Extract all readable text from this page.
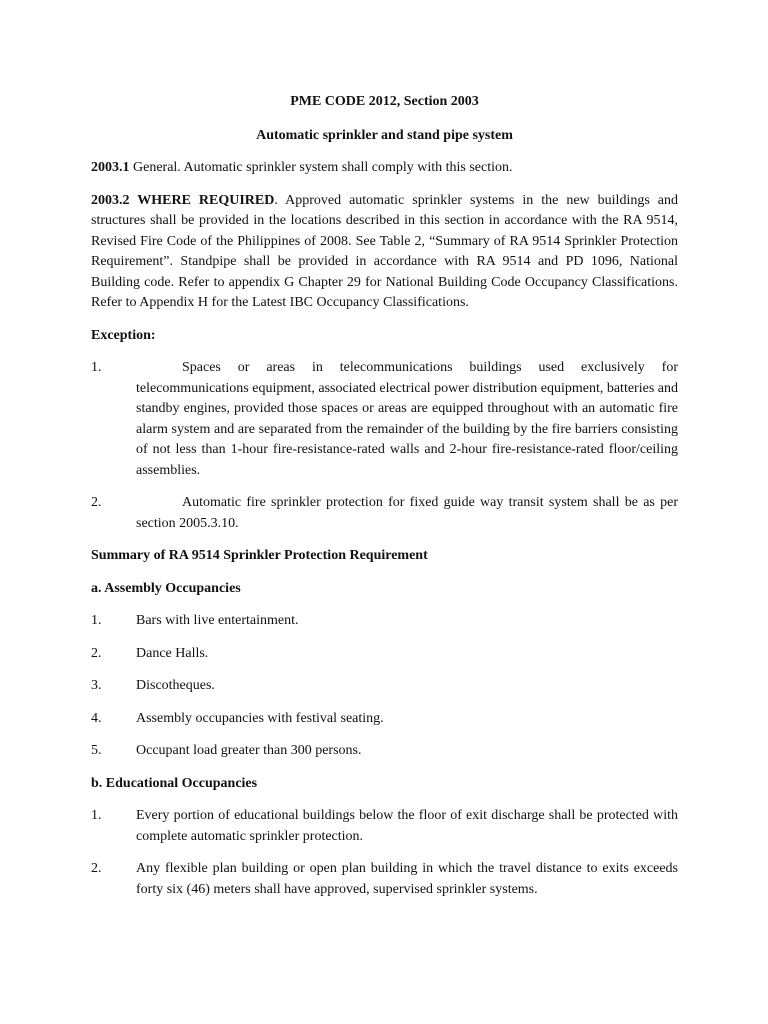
PME CODE 2012, Section 2003

Automatic sprinkler and stand pipe system

2003.1 General. Automatic sprinkler system shall comply with this section.

2003.2 WHERE REQUIRED. Approved automatic sprinkler systems in the new buildings and structures shall be provided in the locations described in this section in accordance with the RA 9514, Revised Fire Code of the Philippines of 2008. See Table 2, “Summary of RA 9514 Sprinkler Protection Requirement”. Standpipe shall be provided in accordance with RA 9514 and PD 1096, National Building code. Refer to appendix G Chapter 29 for National Building Code Occupancy Classifications. Refer to Appendix H for the Latest IBC Occupancy Classifications.

Exception:

1.	Spaces or areas in telecommunications buildings used exclusively for telecommunications equipment, associated electrical power distribution equipment, batteries and standby engines, provided those spaces or areas are equipped throughout with an automatic fire alarm system and are separated from the remainder of the building by the fire barriers consisting of not less than 1-hour fire-resistance-rated walls and 2-hour fire-resistance-rated floor/ceiling assemblies.
2.	Automatic fire sprinkler protection for fixed guide way transit system shall be as per section 2005.3.10.

Summary of RA 9514 Sprinkler Protection Requirement

a. Assembly Occupancies

1.	Bars with live entertainment.
2.	Dance Halls.
3.	Discotheques.
4.	Assembly occupancies with festival seating.
5.	Occupant load greater than 300 persons.

b. Educational Occupancies

1.	Every portion of educational buildings below the floor of exit discharge shall be protected with complete automatic sprinkler protection.
2.	Any flexible plan building or open plan building in which the travel distance to exits exceeds forty six (46) meters shall have approved, supervised sprinkler systems.
